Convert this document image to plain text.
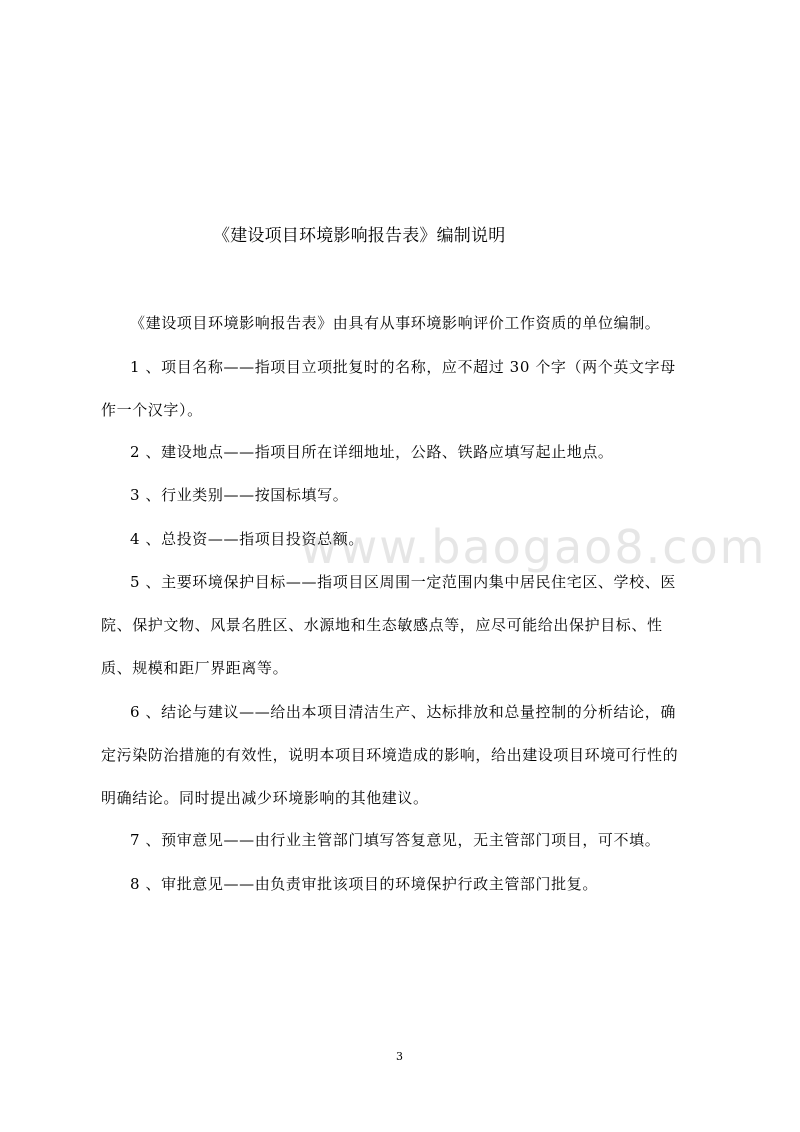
www.baogao8.com
《建设项目环境影响报告表》编制说明
《建设项目环境影响报告表》由具有从事环境影响评价工作资质的单位编制。
1 、项目名称——指项目立项批复时的名称，应不超过 30 个字（两个英文字母
作一个汉字）。
2 、建设地点——指项目所在详细地址，公路、铁路应填写起止地点。
3 、行业类别——按国标填写。
4 、总投资——指项目投资总额。
5 、主要环境保护目标——指项目区周围一定范围内集中居民住宅区、学校、医
院、保护文物、风景名胜区、水源地和生态敏感点等，应尽可能给出保护目标、性
质、规模和距厂界距离等。
6 、结论与建议——给出本项目清洁生产、达标排放和总量控制的分析结论，确
定污染防治措施的有效性，说明本项目环境造成的影响，给出建设项目环境可行性的
明确结论。同时提出减少环境影响的其他建议。
7 、预审意见——由行业主管部门填写答复意见，无主管部门项目，可不填。
8 、审批意见——由负责审批该项目的环境保护行政主管部门批复。
3
